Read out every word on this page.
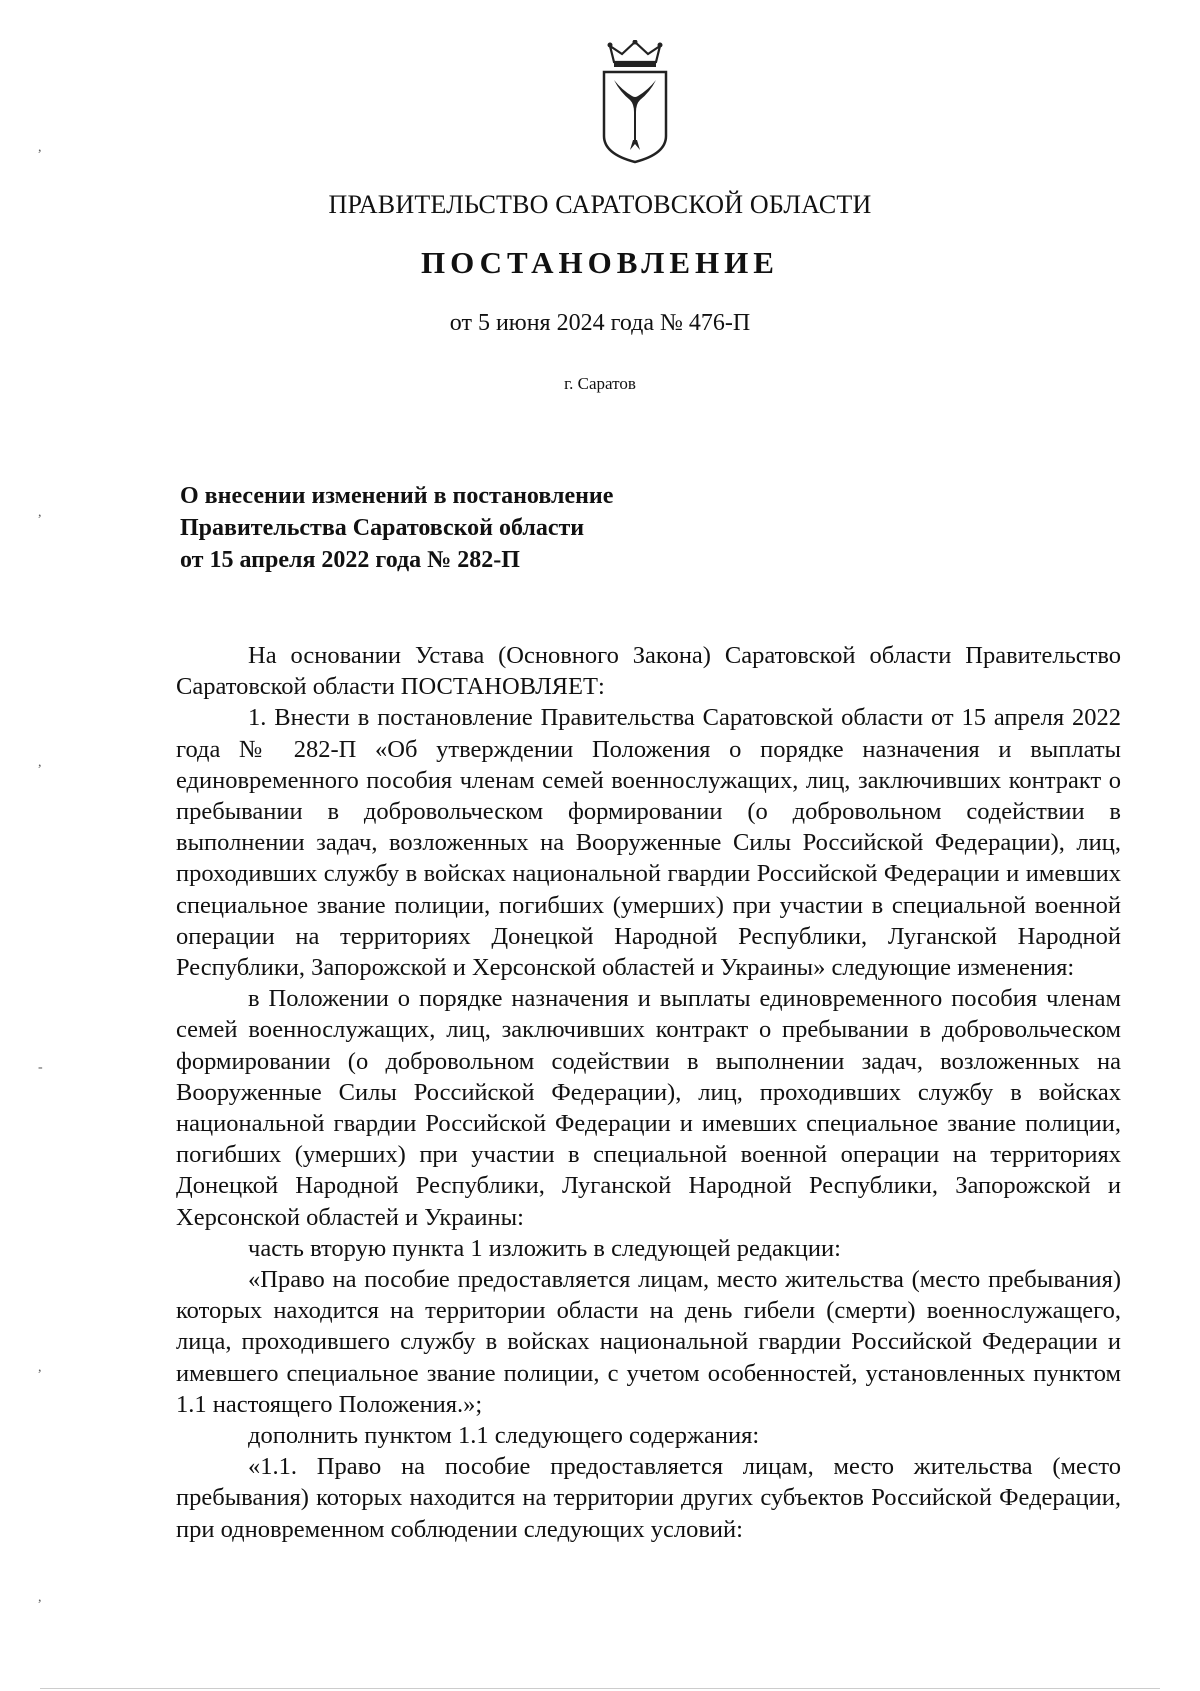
ПРАВИТЕЛЬСТВО САРАТОВСКОЙ ОБЛАСТИ
ПОСТАНОВЛЕНИЕ
от 5 июня 2024 года № 476-П
г. Саратов
О внесении изменений в постановление
Правительства Саратовской области
от 15 апреля 2022 года № 282-П

На основании Устава (Основного Закона) Саратовской области Правительство Саратовской области ПОСТАНОВЛЯЕТ:

1. Внести в постановление Правительства Саратовской области от 15 апреля 2022 года № 282-П «Об утверждении Положения о порядке назначения и выплаты единовременного пособия членам семей военнослужащих, лиц, заключивших контракт о пребывании в добровольческом формировании (о добровольном содействии в выполнении задач, возложенных на Вооруженные Силы Российской Федерации), лиц, проходивших службу в войсках национальной гвардии Российской Федерации и имевших специальное звание полиции, погибших (умерших) при участии в специальной военной операции на территориях Донецкой Народной Республики, Луганской Народной Республики, Запорожской и Херсонской областей и Украины» следующие изменения:

в Положении о порядке назначения и выплаты единовременного пособия членам семей военнослужащих, лиц, заключивших контракт о пребывании в добровольческом формировании (о добровольном содействии в выполнении задач, возложенных на Вооруженные Силы Российской Федерации), лиц, проходивших службу в войсках национальной гвардии Российской Федерации и имевших специальное звание полиции, погибших (умерших) при участии в специальной военной операции на территориях Донецкой Народной Республики, Луганской Народной Республики, Запорожской и Херсонской областей и Украины:

часть вторую пункта 1 изложить в следующей редакции:

«Право на пособие предоставляется лицам, место жительства (место пребывания) которых находится на территории области на день гибели (смерти) военнослужащего, лица, проходившего службу в войсках национальной гвардии Российской Федерации и имевшего специальное звание полиции, с учетом особенностей, установленных пунктом 1.1 настоящего Положения.»;

дополнить пунктом 1.1 следующего содержания:

«1.1. Право на пособие предоставляется лицам, место жительства (место пребывания) которых находится на территории других субъектов Российской Федерации, при одновременном соблюдении следующих условий:

,
,
,
-
,
,
